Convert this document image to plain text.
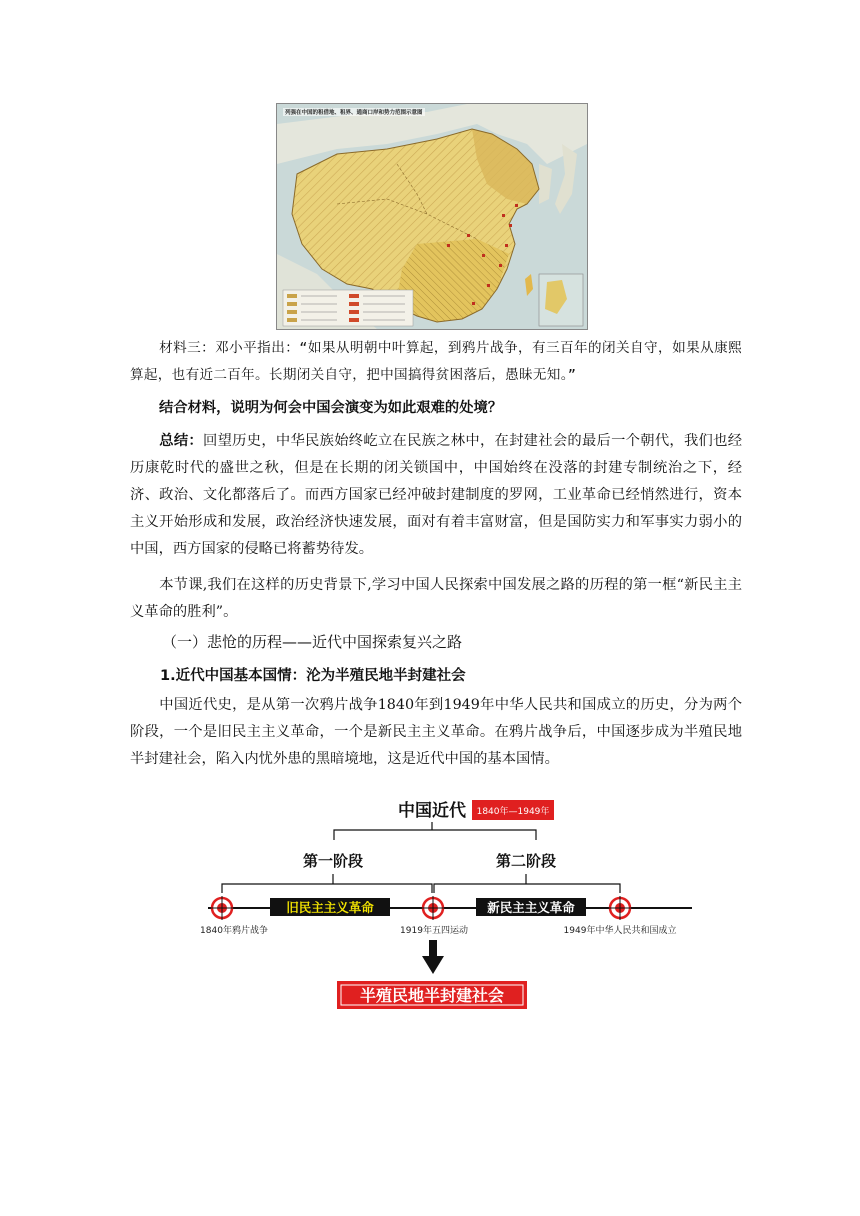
列强在中国的租借地、租界、通商口岸和势力范围示意图

材料三：邓小平指出：“如果从明朝中叶算起，到鸦片战争，有三百年的闭关自守，如果从康熙算起，也有近二百年。长期闭关自守，把中国搞得贫困落后，愚昧无知。”

结合材料，说明为何会中国会演变为如此艰难的处境？

总结：回望历史，中华民族始终屹立在民族之林中，在封建社会的最后一个朝代，我们也经历康乾时代的盛世之秋，但是在长期的闭关锁国中，中国始终在没落的封建专制统治之下，经济、政治、文化都落后了。而西方国家已经冲破封建制度的罗网，工业革命已经悄然进行，资本主义开始形成和发展，政治经济快速发展，面对有着丰富财富，但是国防实力和军事实力弱小的中国，西方国家的侵略已将蓄势待发。

本节课,我们在这样的历史背景下,学习中国人民探索中国发展之路的历程的第一框“新民主主义革命的胜利”。

（一）悲怆的历程——近代中国探索复兴之路
1.近代中国基本国情：沦为半殖民地半封建社会

中国近代史，是从第一次鸦片战争1840年到1949年中华人民共和国成立的历史，分为两个阶段，一个是旧民主主义革命，一个是新民主主义革命。在鸦片战争后，中国逐步成为半殖民地半封建社会，陷入内忧外患的黑暗境地，这是近代中国的基本国情。

中国近代 1840年—1949年
第一阶段	第二阶段
旧民主主义革命	新民主主义革命
1840年鸦片战争	1919年五四运动	1949年中华人民共和国成立
半殖民地半封建社会
